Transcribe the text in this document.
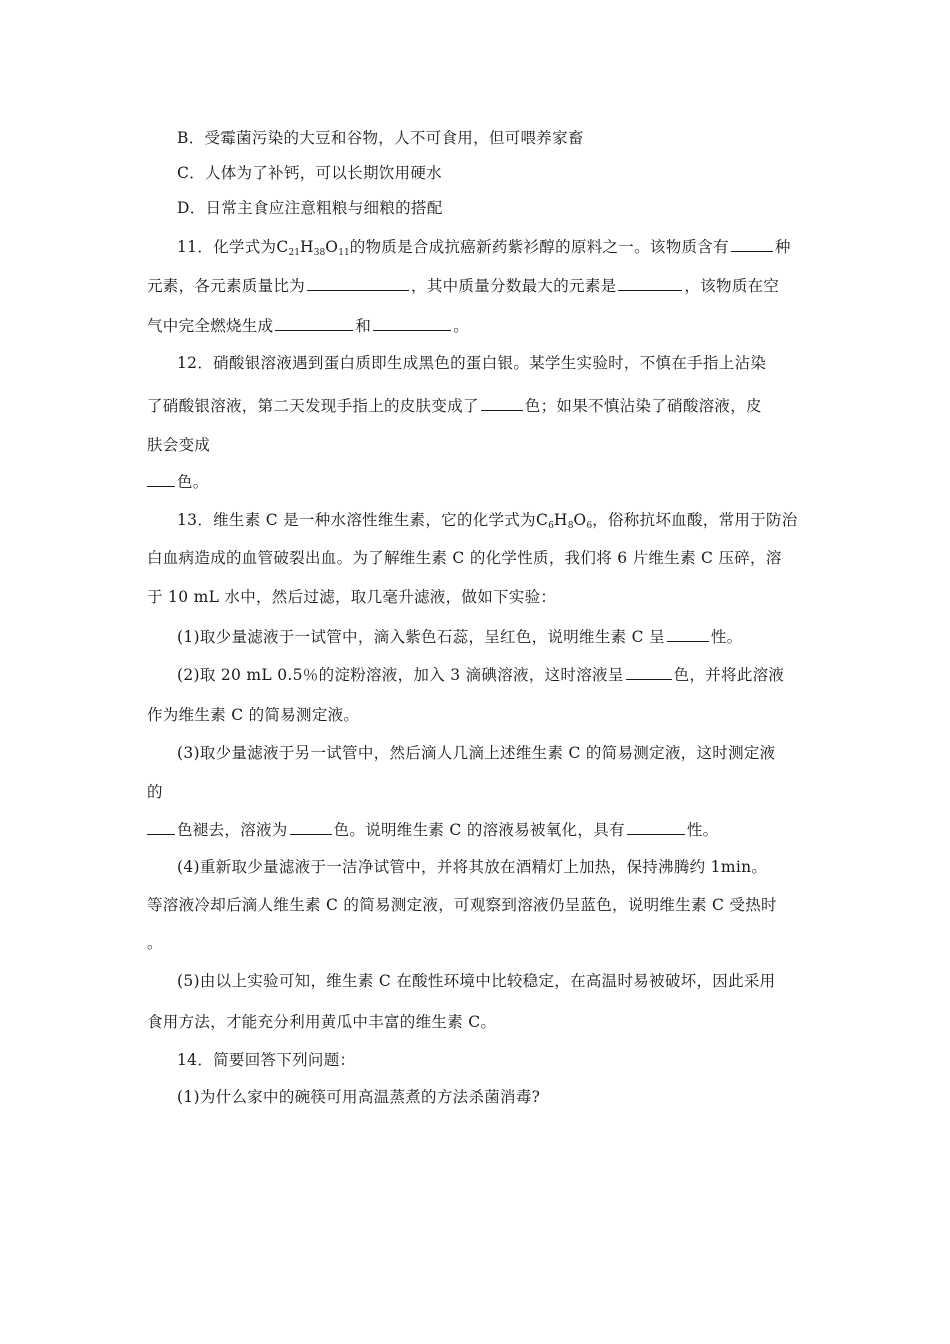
B．受霉菌污染的大豆和谷物，人不可食用，但可喂养家畜
C．人体为了补钙，可以长期饮用硬水
D．日常主食应注意粗粮与细粮的搭配
11．化学式为$C_{21}H_{38}O_{11}$的物质是合成抗癌新药紫衫醇的原料之一。该物质含有	种
元素，各元素质量比为	，其中质量分数最大的元素是	，该物质在空
气中完全燃烧生成	和	。
12．硝酸银溶液遇到蛋白质即生成黑色的蛋白银。某学生实验时，不慎在手指上沾染
了硝酸银溶液，第二天发现手指上的皮肤变成了	色；如果不慎沾染了硝酸溶液，皮
肤会变成
色。
13．维生素 C 是一种水溶性维生素，它的化学式为$C_6H_8O_6$，俗称抗坏血酸，常用于防治
白血病造成的血管破裂出血。为了解维生素 C 的化学性质，我们将 6 片维生素 C 压碎，溶
于 10 mL 水中，然后过滤，取几毫升滤液，做如下实验：
(1)取少量滤液于一试管中，滴入紫色石蕊，呈红色，说明维生素 C 呈	性。
(2)取 20 mL 0.5％的淀粉溶液，加入 3 滴碘溶液，这时溶液呈	色，并将此溶液
作为维生素 C 的简易测定液。
(3)取少量滤液于另一试管中，然后滴人几滴上述维生素 C 的简易测定液，这时测定液
的
色褪去，溶液为	色。说明维生素 C 的溶液易被氧化，具有	性。
(4)重新取少量滤液于一洁净试管中，并将其放在酒精灯上加热，保持沸腾约 1min。
等溶液冷却后滴人维生素 C 的简易测定液，可观察到溶液仍呈蓝色，说明维生素 C 受热时
。
(5)由以上实验可知，维生素 C 在酸性环境中比较稳定，在高温时易被破坏，因此采用
食用方法，才能充分利用黄瓜中丰富的维生素 C。
14．简要回答下列问题：
(1)为什么家中的碗筷可用高温蒸煮的方法杀菌消毒?
